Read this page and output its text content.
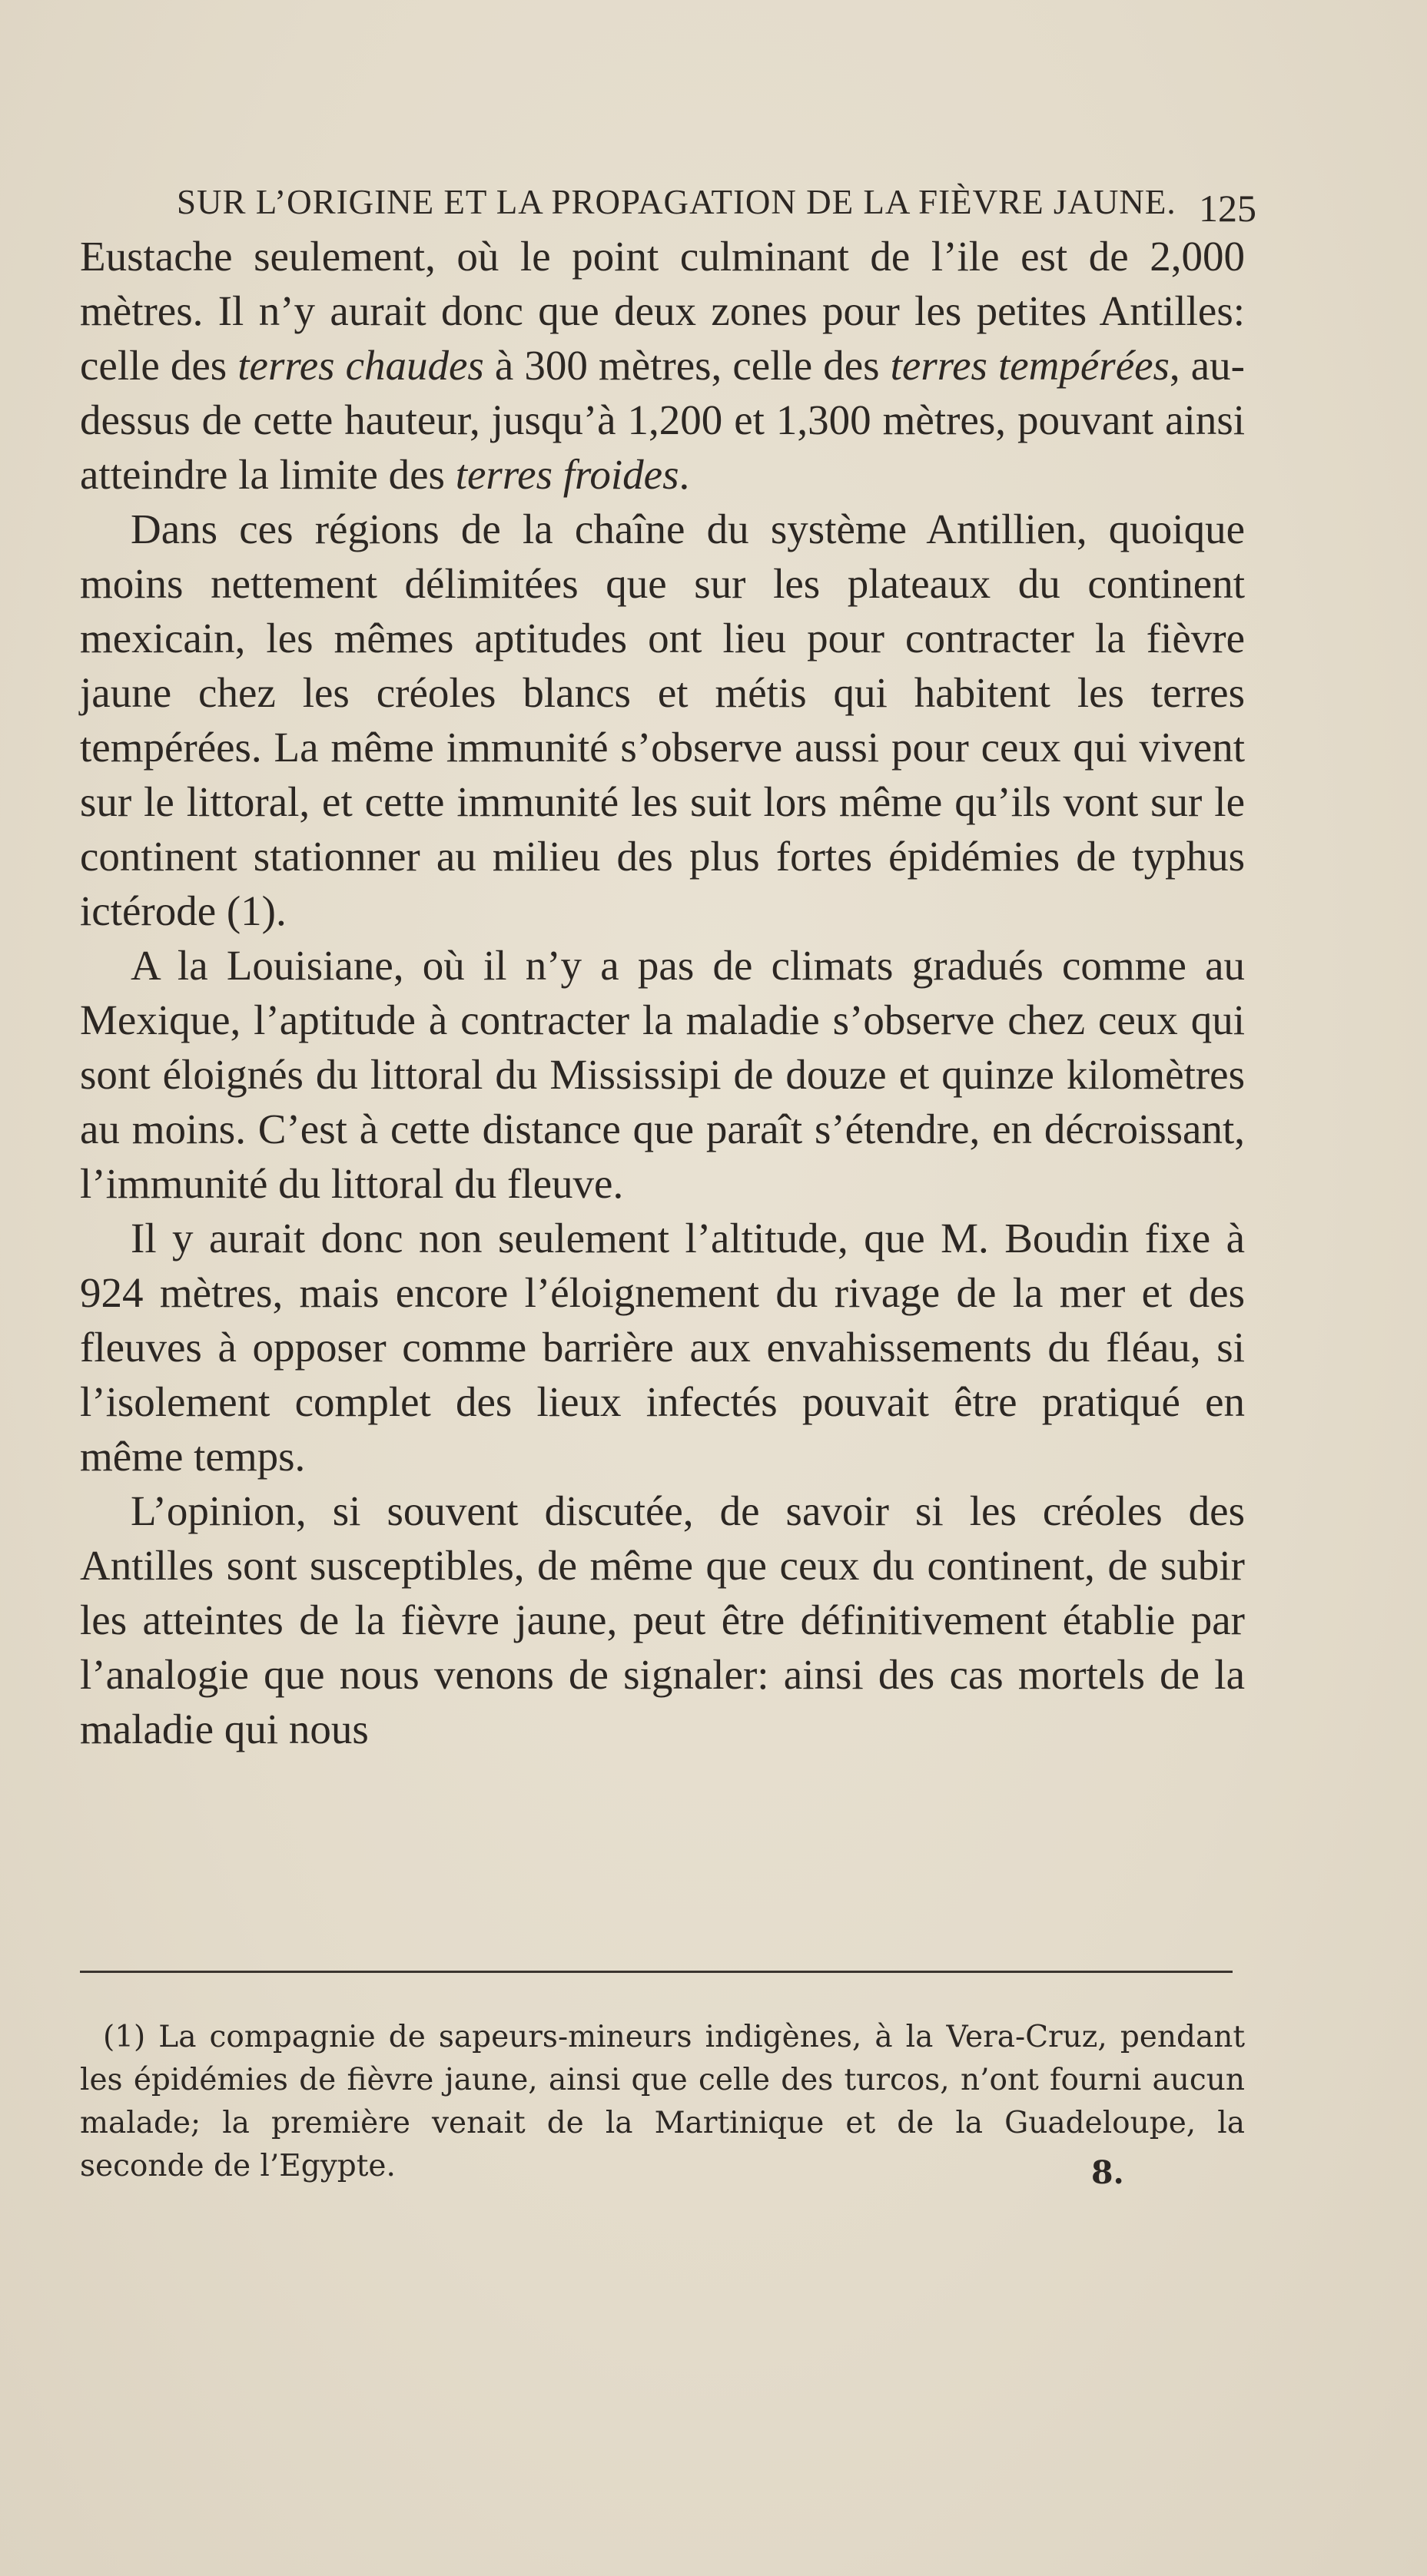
SUR L’ORIGINE ET LA PROPAGATION DE LA FIÈVRE JAUNE. 125

Eustache seulement, où le point culminant de l’ile est de 2,000 mètres. Il n’y aurait donc que deux zones pour les petites Antilles: celle des terres chaudes à 300 mètres, celle des terres tempérées, au-dessus de cette hauteur, jusqu’à 1,200 et 1,300 mètres, pouvant ainsi atteindre la limite des terres froides.

Dans ces régions de la chaîne du système Antillien, quoique moins nettement délimitées que sur les plateaux du continent mexicain, les mêmes aptitudes ont lieu pour contracter la fièvre jaune chez les créoles blancs et métis qui habitent les terres tempérées. La même immunité s’observe aussi pour ceux qui vivent sur le littoral, et cette immunité les suit lors même qu’ils vont sur le continent stationner au milieu des plus fortes épidémies de typhus ictérode (1).

A la Louisiane, où il n’y a pas de climats gradués comme au Mexique, l’aptitude à contracter la maladie s’observe chez ceux qui sont éloignés du littoral du Mississipi de douze et quinze kilomètres au moins. C’est à cette distance que paraît s’étendre, en décroissant, l’immunité du littoral du fleuve.

Il y aurait donc non seulement l’altitude, que M. Boudin fixe à 924 mètres, mais encore l’éloignement du rivage de la mer et des fleuves à opposer comme barrière aux envahissements du fléau, si l’isolement complet des lieux infectés pouvait être pratiqué en même temps.

L’opinion, si souvent discutée, de savoir si les créoles des Antilles sont susceptibles, de même que ceux du continent, de subir les atteintes de la fièvre jaune, peut être définitivement établie par l’analogie que nous venons de signaler: ainsi des cas mortels de la maladie qui nous

(1) La compagnie de sapeurs-mineurs indigènes, à la Vera-Cruz, pendant les épidémies de fièvre jaune, ainsi que celle des turcos, n’ont fourni aucun malade; la première venait de la Martinique et de la Guadeloupe, la seconde de l’Egypte.	8.
